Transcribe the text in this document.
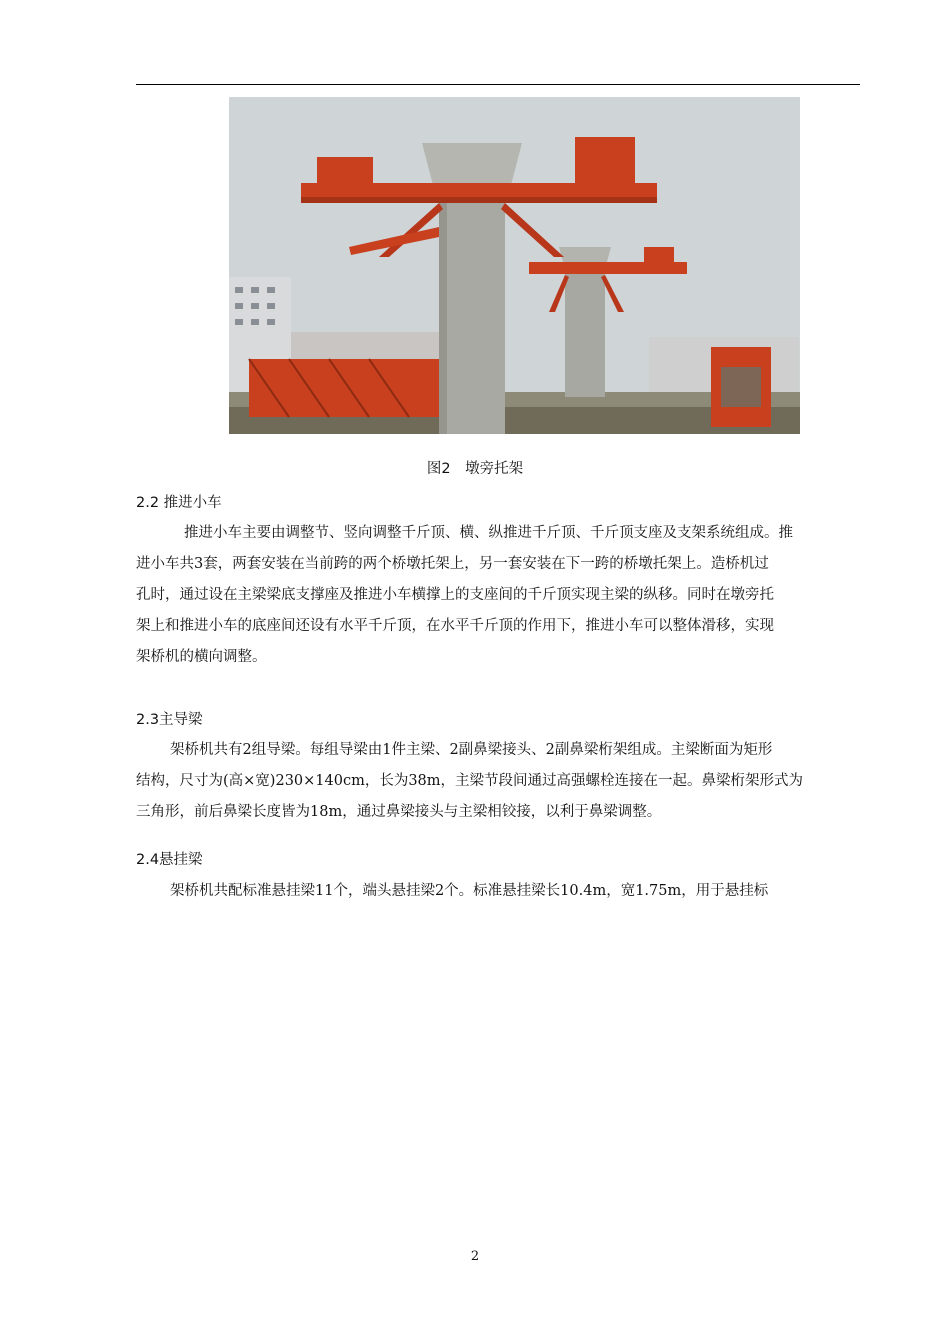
图2　墩旁托架
2.2 推进小车
推进小车主要由调整节、竖向调整千斤顶、横、纵推进千斤顶、千斤顶支座及支架系统组成。推
进小车共3套，两套安装在当前跨的两个桥墩托架上，另一套安装在下一跨的桥墩托架上。造桥机过
孔时，通过设在主梁梁底支撑座及推进小车横撑上的支座间的千斤顶实现主梁的纵移。同时在墩旁托
架上和推进小车的底座间还设有水平千斤顶，在水平千斤顶的作用下，推进小车可以整体滑移，实现
架桥机的横向调整。
2.3主导梁
架桥机共有2组导梁。每组导梁由1件主梁、2副鼻梁接头、2副鼻梁桁架组成。主梁断面为矩形
结构，尺寸为(高×宽)230×140cm，长为38m，主梁节段间通过高强螺栓连接在一起。鼻梁桁架形式为
三角形，前后鼻梁长度皆为18m，通过鼻梁接头与主梁相铰接，以利于鼻梁调整。
2.4悬挂梁
架桥机共配标准悬挂梁11个，端头悬挂梁2个。标准悬挂梁长10.4m，宽1.75m，用于悬挂标
2
